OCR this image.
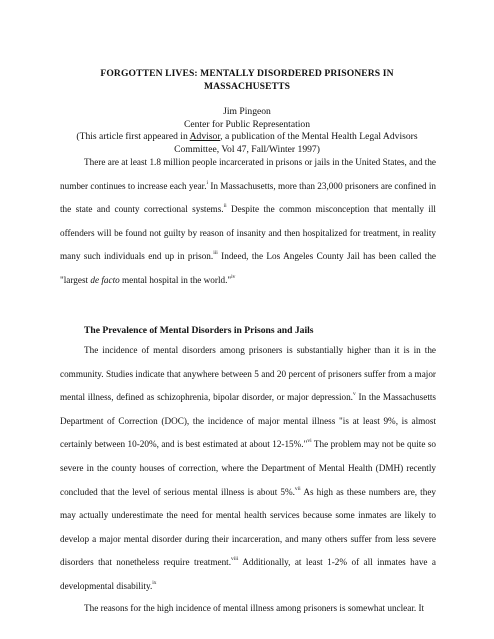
FORGOTTEN LIVES: MENTALLY DISORDERED PRISONERS IN
MASSACHUSETTS
Jim Pingeon
Center for Public Representation
(This article first appeared in Advisor, a publication of the Mental Health Legal Advisors
Committee, Vol 47, Fall/Winter 1997)

There are at least 1.8 million people incarcerated in prisons or jails in the United States, and the number continues to increase each year.$^i$ In Massachusetts, more than 23,000 prisoners are confined in the state and county correctional systems.$^{ii}$ Despite the common misconception that mentally ill offenders will be found not guilty by reason of insanity and then hospitalized for treatment, in reality many such individuals end up in prison.$^{iii}$ Indeed, the Los Angeles County Jail has been called the "largest de facto mental hospital in the world."$^{iv}$

The Prevalence of Mental Disorders in Prisons and Jails

The incidence of mental disorders among prisoners is substantially higher than it is in the community. Studies indicate that anywhere between 5 and 20 percent of prisoners suffer from a major mental illness, defined as schizophrenia, bipolar disorder, or major depression.$^v$ In the Massachusetts Department of Correction (DOC), the incidence of major mental illness "is at least 9%, is almost certainly between 10-20%, and is best estimated at about 12-15%."$^{vi}$ The problem may not be quite so severe in the county houses of correction, where the Department of Mental Health (DMH) recently concluded that the level of serious mental illness is about 5%.$^{vii}$ As high as these numbers are, they may actually underestimate the need for mental health services because some inmates are likely to develop a major mental disorder during their incarceration, and many others suffer from less severe disorders that nonetheless require treatment.$^{viii}$ Additionally, at least 1-2% of all inmates have a developmental disability.$^{ix}$

The reasons for the high incidence of mental illness among prisoners is somewhat unclear. It
